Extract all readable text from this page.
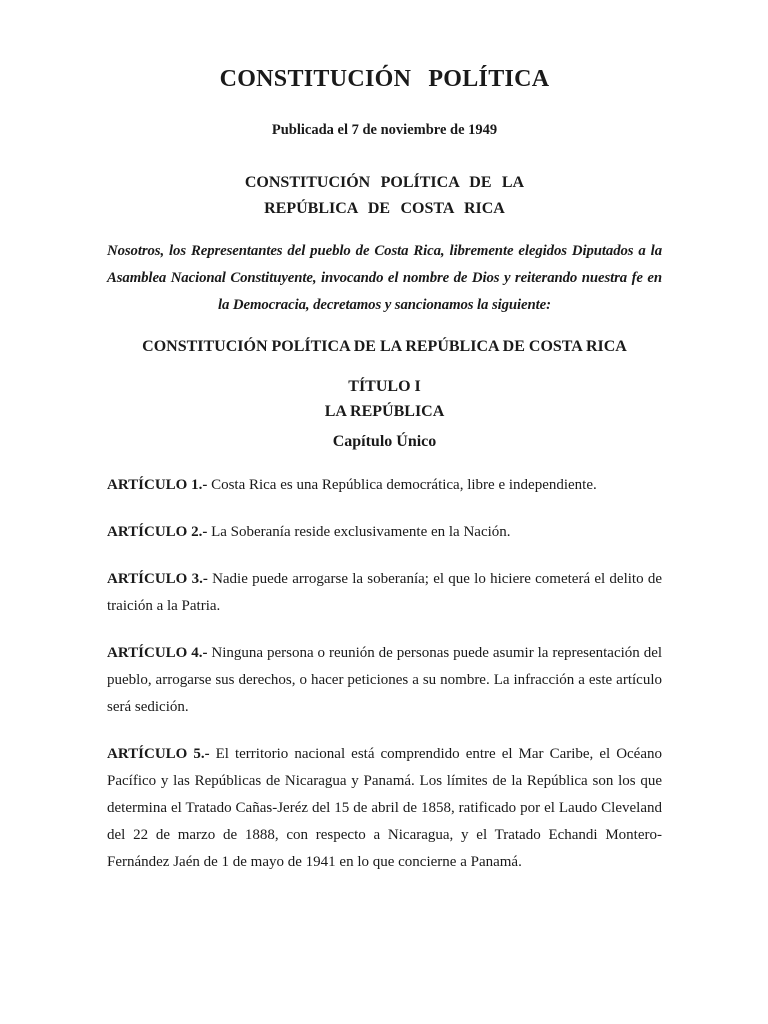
CONSTITUCIÓN POLÍTICA
Publicada el 7 de noviembre de 1949
CONSTITUCIÓN POLÍTICA DE LA
REPÚBLICA DE COSTA RICA

Nosotros, los Representantes del pueblo de Costa Rica, libremente elegidos Diputados a la Asamblea Nacional Constituyente, invocando el nombre de Dios y reiterando nuestra fe en la Democracia, decretamos y sancionamos la siguiente:

CONSTITUCIÓN POLÍTICA DE LA REPÚBLICA DE COSTA RICA
TÍTULO I
LA REPÚBLICA
Capítulo Único

ARTÍCULO 1.- Costa Rica es una República democrática, libre e independiente.

ARTÍCULO 2.- La Soberanía reside exclusivamente en la Nación.

ARTÍCULO 3.- Nadie puede arrogarse la soberanía; el que lo hiciere cometerá el delito de traición a la Patria.

ARTÍCULO 4.- Ninguna persona o reunión de personas puede asumir la representación del pueblo, arrogarse sus derechos, o hacer peticiones a su nombre. La infracción a este artículo será sedición.

ARTÍCULO 5.- El territorio nacional está comprendido entre el Mar Caribe, el Océano Pacífico y las Repúblicas de Nicaragua y Panamá. Los límites de la República son los que determina el Tratado Cañas-Jeréz del 15 de abril de 1858, ratificado por el Laudo Cleveland del 22 de marzo de 1888, con respecto a Nicaragua, y el Tratado Echandi Montero-Fernández Jaén de 1 de mayo de 1941 en lo que concierne a Panamá.
